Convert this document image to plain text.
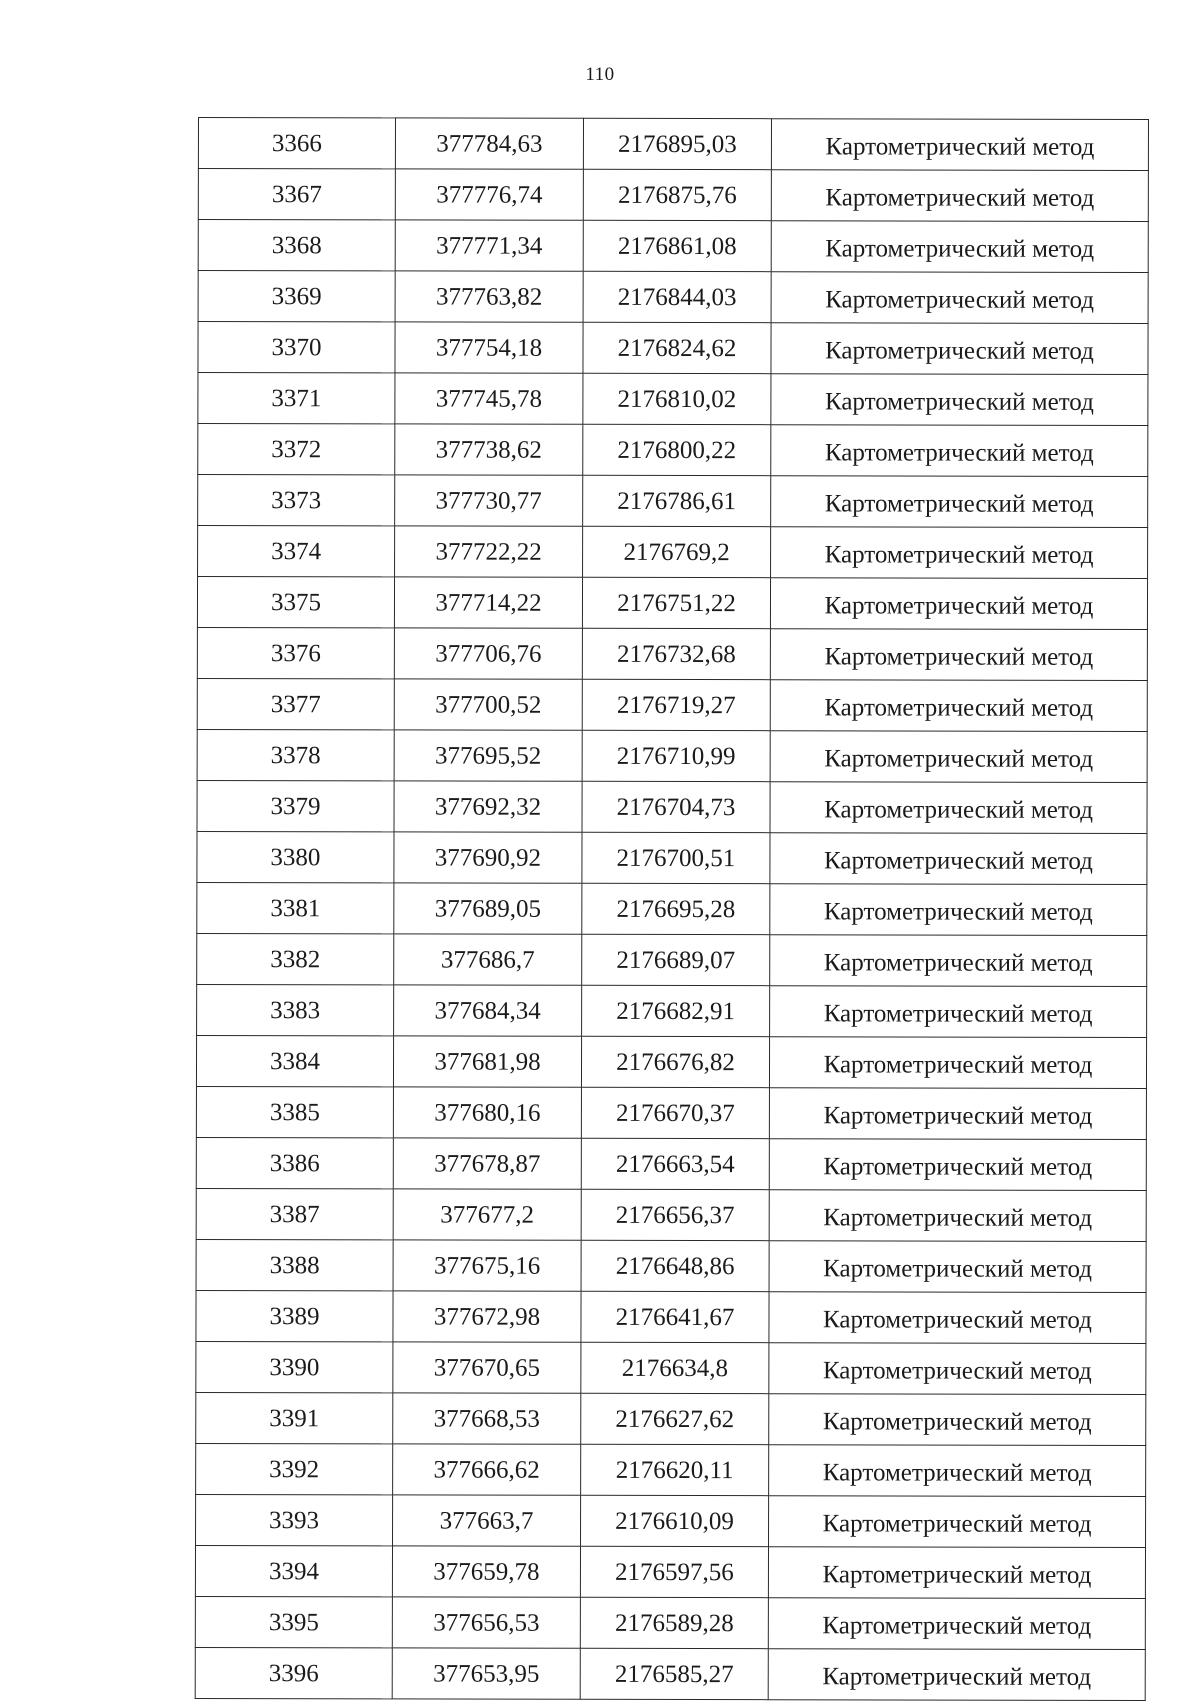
110
3366	377784,63	2176895,03	Картометрический метод
3367	377776,74	2176875,76	Картометрический метод
3368	377771,34	2176861,08	Картометрический метод
3369	377763,82	2176844,03	Картометрический метод
3370	377754,18	2176824,62	Картометрический метод
3371	377745,78	2176810,02	Картометрический метод
3372	377738,62	2176800,22	Картометрический метод
3373	377730,77	2176786,61	Картометрический метод
3374	377722,22	2176769,2	Картометрический метод
3375	377714,22	2176751,22	Картометрический метод
3376	377706,76	2176732,68	Картометрический метод
3377	377700,52	2176719,27	Картометрический метод
3378	377695,52	2176710,99	Картометрический метод
3379	377692,32	2176704,73	Картометрический метод
3380	377690,92	2176700,51	Картометрический метод
3381	377689,05	2176695,28	Картометрический метод
3382	377686,7	2176689,07	Картометрический метод
3383	377684,34	2176682,91	Картометрический метод
3384	377681,98	2176676,82	Картометрический метод
3385	377680,16	2176670,37	Картометрический метод
3386	377678,87	2176663,54	Картометрический метод
3387	377677,2	2176656,37	Картометрический метод
3388	377675,16	2176648,86	Картометрический метод
3389	377672,98	2176641,67	Картометрический метод
3390	377670,65	2176634,8	Картометрический метод
3391	377668,53	2176627,62	Картометрический метод
3392	377666,62	2176620,11	Картометрический метод
3393	377663,7	2176610,09	Картометрический метод
3394	377659,78	2176597,56	Картометрический метод
3395	377656,53	2176589,28	Картометрический метод
3396	377653,95	2176585,27	Картометрический метод
